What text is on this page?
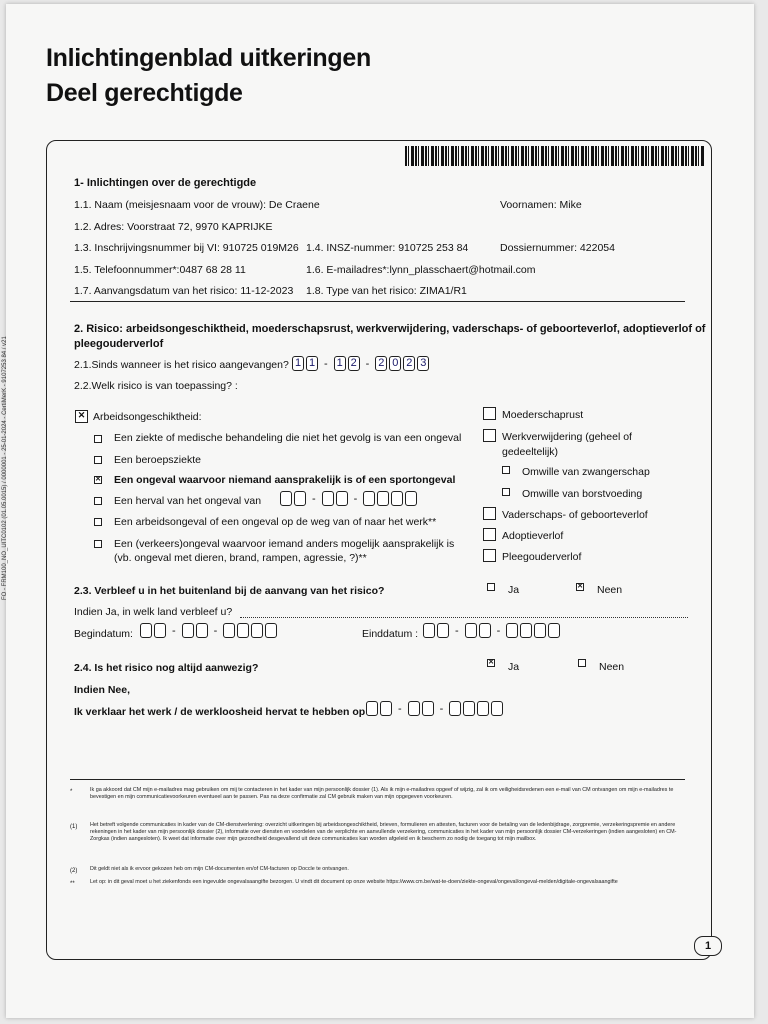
FO - FRM100_NO_UITC0102 (01.05.0015) / 0000001 - 25-01-2024 - CertiMerK - 9107253 84 / v21
Inlichtingenblad uitkeringen
Deel gerechtigde
1- Inlichtingen over de gerechtigde
1.1. Naam (meisjesnaam voor de vrouw): De Craene	Voornamen: Mike
1.2. Adres: Voorstraat 72, 9970 KAPRIJKE
1.3. Inschrijvingsnummer bij VI: 910725 019M26 1.4. INSZ-nummer: 910725 253 84	Dossiernummer: 422054
1.5. Telefoonnummer*:0487 68 28 11	1.6. E-mailadres*:lynn_plasschaert@hotmail.com
1.7. Aanvangsdatum van het risico: 11-12-2023 1.8. Type van het risico: ZIMA1/R1
2. Risico: arbeidsongeschiktheid, moederschapsrust, werkverwijdering, vaderschaps- of geboorteverlof, adoptieverlof of
pleegouderverlof
2.1.Sinds wanneer is het risico aangevangen? 1 1 - 1 2 - 2 0 2 3
2.2.Welk risico is van toepassing? :
✕
Arbeidsongeschiktheid:
Een ziekte of medische behandeling die niet het gevolg is van een ongeval
Een beroepsziekte
✕
Een ongeval waarvoor niemand aansprakelijk is of een sportongeval
Een herval van het ongeval van	-	-
Een arbeidsongeval of een ongeval op de weg van of naar het werk**
Een (verkeers)ongeval waarvoor iemand anders mogelijk aansprakelijk is
(vb. ongeval met dieren, brand, rampen, agressie, ?)**
Moederschaprust
Werkverwijdering (geheel of
gedeeltelijk)
Omwille van zwangerschap
Omwille van borstvoeding
Vaderschaps- of geboorteverlof
Adoptieverlof
Pleegouderverlof
2.3. Verbleef u in het buitenland bij de aanvang van het risico?	Ja ✕	Neen
Indien Ja, in welk land verbleef u?
Begindatum:	-	-	Einddatum :	-	-
2.4. Is het risico nog altijd aanwezig? ✕	Ja	Neen
Indien Nee,
Ik verklaar het werk / de werkloosheid hervat te hebben op	-	-
*	Ik ga akkoord dat CM mijn e-mailadres mag gebruiken om mij te contacteren in het kader van mijn persoonlijk dossier (1). Als ik mijn e-mailadres opgeef of wijzig, zal ik om veiligheidsredenen een e-mail van CM ontvangen om mijn e-mailadres te bevestigen en mijn communicatievoorkeuren eventueel aan te passen. Pas na deze confirmatie zal CM gebruik maken van mijn opgegeven voorkeuren.
(1) Het betreft volgende communicaties in kader van de CM-dienstverlening: overzicht uitkeringen bij arbeidsongeschiktheid, brieven, formulieren en attesten, facturen voor de betaling van de ledenbijdrage, zorgpremie, verzekeringspremie en andere rekeningen in het kader van mijn persoonlijk dossier (2), informatie over diensten en voordelen van de verplichte en aanvullende verzekering, communicaties in het kader van mijn persoonlijk dossier CM-verzekeringen (indien aangesloten) en CM-Zorgkas (indien aangesloten). Ik weet dat informatie over mijn gezondheid desgevallend uit deze communicaties kan worden afgeleid en ik bescherm zo nodig de toegang tot mijn mailbox.
(2) Dit geldt niet als ik ervoor gekozen heb om mijn CM-documenten en/of CM-facturen op Doccle te ontvangen.
**	Let op: in dit geval moet u het ziekenfonds een ingevulde ongevalsaangifte bezorgen. U vindt dit document op onze website https://www.cm.be/wat-te-doen/ziekte-ongeval/ongeval/ongeval-melden/digitale-ongevalsaangifte
1
